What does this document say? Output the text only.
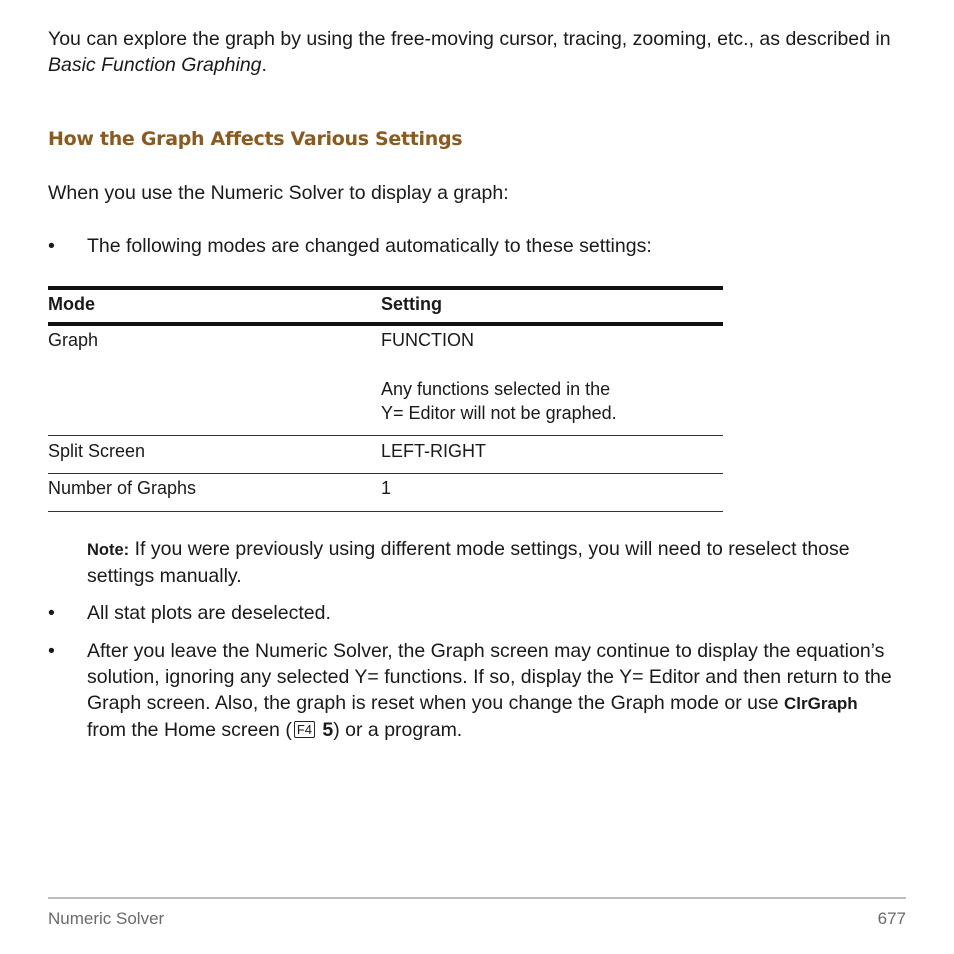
You can explore the graph by using the free-moving cursor, tracing, zooming, etc., as described in Basic Function Graphing.
How the Graph Affects Various Settings
When you use the Numeric Solver to display a graph:
• The following modes are changed automatically to these settings:
Mode	Setting
Graph	FUNCTION
Any functions selected in the
Y= Editor will not be graphed.
Split Screen	LEFT-RIGHT
Number of Graphs	1
Note: If you were previously using different mode settings, you will need to reselect those settings manually.
• All stat plots are deselected.
• After you leave the Numeric Solver, the Graph screen may continue to display the equation’s solution, ignoring any selected Y= functions. If so, display the Y= Editor and then return to the Graph screen. Also, the graph is reset when you change the Graph mode or use ClrGraph from the Home screen ( F4 5) or a program.
Numeric Solver	677
